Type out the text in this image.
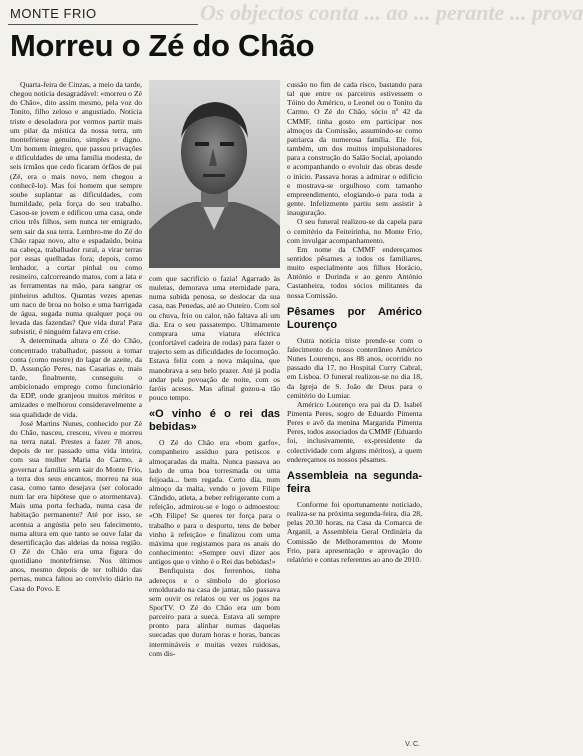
Os objectos conta ... ao ... perante ... prova
MONTE FRIO
Morreu o Zé do Chão

Quarta-feira de Cinzas, a meio da tarde, chegou notícia desagradável: «morreu o Zé do Chão», dito assim mesmo, pela voz do Tonito, filho zeloso e angustiado. Notícia triste e desoladora por vermos partir mais um pilar da mística da nossa terra, um montefriense genuíno, simples e digno. Um homem íntegro, que passou privações e dificuldades de uma família modesta, de seis irmãos que cedo ficaram órfãos de pai (Zé, era o mais novo, nem chegou a conhecê-lo). Mas foi homem que sempre soube suplantar as dificuldades, com humildade, pela força do seu trabalho. Casou-se jovem e edificou uma casa, onde criou três filhos, sem nunca ter emigrado, sem sair da sua terra. Lembro-me do Zé do Chão rapaz novo, alto e espadaúdo, boina na cabeça, trabalhador rural, a virar terras por essas quelhadas fora; depois, como lenhador, a cortar pinhal ou como resineiro, calcorreando matos, com a lata e as ferramentas na mão, para sangrar os pinheiros adultos. Quantas vezes apenas um naco de broa no bolso e uma barrigada de água, sugada numa qualquer poça ou levada das fazendas? Que vida dura! Para subsistir, é ninguém falava em crise.

A determinada altura o Zé do Chão, concentrado trabalhador, passou a tomar conta (como mestre) do lagar de azeite, da D. Assunção Peres, nas Casarias e, mais tarde, finalmente, conseguiu o ambicionado emprego como funcionário da EDP, onde granjeou muitos méritos e amizades e melhorou consideravelmente a sua qualidade de vida.

José Martins Nunes, conhecido por Zé do Chão, nasceu, cresceu, viveu e morreu na terra natal. Prestes a fazer 78 anos, depois de ter passado uma vida inteira, com sua mulher Maria do Carmo, a governar a família sem sair do Monte Frio, a terra dos seus encantos, morreu na sua casa, como tanto desejava (ser colocado num lar era hipótese que o atormentava). Mais uma porta fechada, numa casa de habitação permanente? Até por isso, se acentua a angústia pelo seu falecimento, numa altura em que tanto se ouve falar da desertificação das aldeias da nossa região. O Zé do Chão era uma figura do quotidiano montefriense. Nos últimos anos, mesmo depois de ter tolhido das pernas, nunca faltou ao convívio diário na Casa do Povo. E

com que sacrifício o fazia! Agarrado às muletas, demorava uma eternidade para, numa subida penosa, se deslocar da sua casa, nas Penedas, até ao Outeiro. Com sol ou chuva, frio ou calor, não faltava ali um dia. Era o seu passatempo. Ultimamente comprara uma viatura eléctrica (confortável cadeira de rodas) para fazer o trajecto sem as dificuldades de locomoção. Estava feliz com a nova máquina, que manobrava a seu belo prazer. Até já podia andar pela povoação de noite, com os faróis acesos. Mas afinal gozou-a tão pouco tempo.

«O vinho é o rei das bebidas»

O Zé do Chão era «bom garfo», companheiro assíduo para petiscos e almoçaradas da malta. Nunca passava ao lado de uma boa torresmada ou uma feijoada... bem regada. Certo dia, num almoço da malta, vendo o jovem Filipe Cândido, atleta, a beber refrigerante com a refeição, admirou-se e logo o admoestou: «Oh Filipe! Se queres ter força para o trabalho e para o desporto, tens de beber vinho à refeição» e finalizou com uma máxima que registamos para os anais do conhecimento: «Sempre ouvi dizer aos antigos que o vinho é o Rei das bebidas!»

Benfiquista dos ferrenhos, tinha adereços e o símbolo do glorioso emoldurado na casa de jantar, não passava sem ouvir os relatos ou ver os jogos na SporTV. O Zé do Chão era um bom parceiro para a sueca. Estava ali sempre pronto para alinhar numas daquelas suecadas que duram horas e horas, bancas intermináveis e muitas vezes ruidosas, com dis-

cussão no fim de cada risco, bastando para tal que entre os parceiros estivessem o Tóino do Américo, o Leonel ou o Tonito da Carmo. O Zé do Chão, sócio nº 42 da CMMF, tinha gosto em participar nos almoços da Comissão, assumindo-se como patriarca da numerosa família. Ele foi, também, um dos muitos impulsionadores para a construção do Salão Social, apoiando e acompanhando o evoluir das obras desde o início. Passava horas a admirar o edifício e mostrava-se orgulhoso com tamanho empreendimento, elogiando-o para toda a gente. Infelizmente partiu sem assistir à inauguração.

O seu funeral realizou-se da capela para o cemitério da Feiteirinha, no Monte Frio, com invulgar acompanhamento.

Em nome da CMMF endereçamos sentidos pêsames a todos os familiares, muito especialmente aos filhos Horácio, António e Dorinda e ao genro António Castanheira, todos sócios militantes da nossa Comissão.

Pêsames por Américo Lourenço

Outra notícia triste prende-se com o falecimento do nosso conterrâneo Américo Nunes Lourenço, aos 88 anos, ocorrido no passado dia 17, no Hospital Curry Cabral, em Lisboa. O funeral realizou-se no dia 18, da Igreja de S. João de Deus para o cemitério do Lumiar.

Américo Lourenço era pai da D. Isabel Pimenta Peres, sogro de Eduardo Pimenta Peres e avô da menina Margarida Pimenta Peres, todos associados da CMMF (Eduardo foi, inclusivamente, ex-presidente da colectividade com alguns méritos), a quem endereçamos os nossos pêsames.

Assembleia na segunda-feira

Conforme foi oportunamente noticiado, realiza-se na próxima segunda-feira, dia 28, pelas 20.30 horas, na Casa da Comarca de Arganil, a Assembleia Geral Ordinária da Comissão de Melhoramentos de Monte Frio, para apresentação e aprovação do relatório e contas referentes ao ano de 2010.

V. C.
